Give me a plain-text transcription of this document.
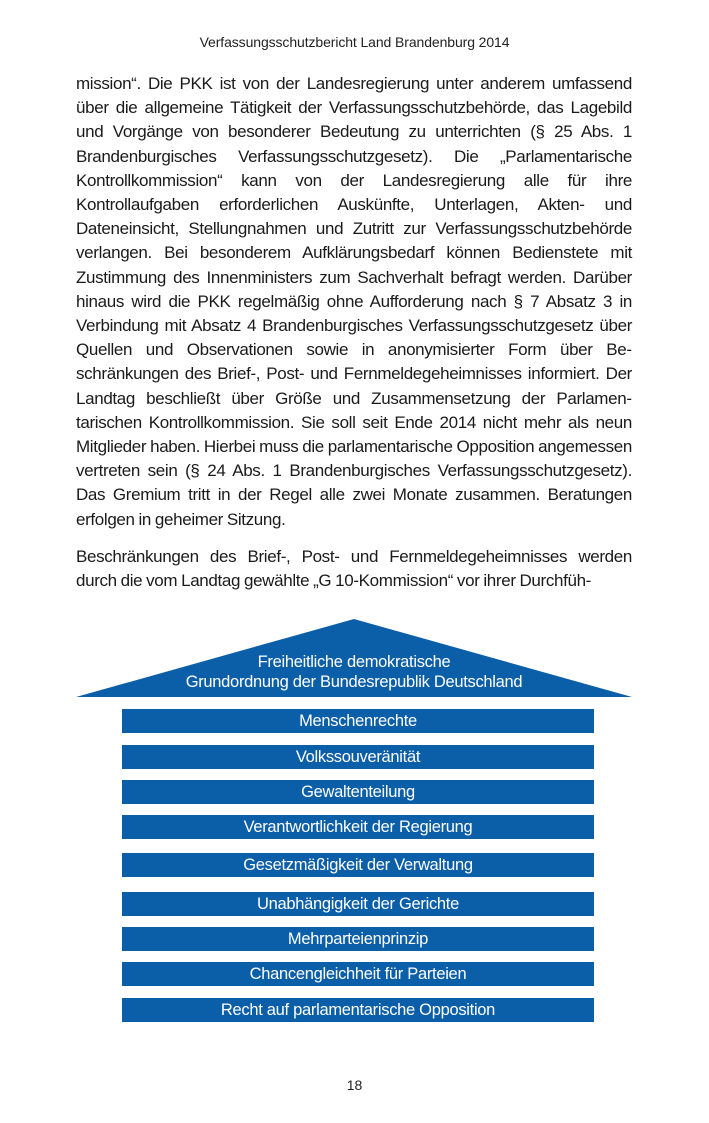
Verfassungsschutzbericht Land Brandenburg 2014

mission“. Die PKK ist von der Landesregierung unter anderem umfassend über die allgemeine Tätigkeit der Verfassungsschutzbehörde, das Lagebild und Vorgänge von besonderer Bedeutung zu unterrichten (§ 25 Abs. 1 Brandenburgisches Verfassungsschutzgesetz). Die „Parlamentarische Kontrollkommission“ kann von der Landesregierung alle für ihre Kontrollaufgaben erforderlichen Auskünfte, Unterlagen, Akten- und Dateneinsicht, Stellungnahmen und Zutritt zur Verfassungsschutzbehörde verlangen. Bei besonderem Aufklärungsbedarf können Bedienstete mit Zustimmung des Innenministers zum Sachverhalt befragt werden. Darüber hinaus wird die PKK regelmäßig ohne Aufforderung nach § 7 Absatz 3 in Verbindung mit Absatz 4 Brandenburgisches Verfassungsschutzgesetz über Quellen und Observationen sowie in anonymisierter Form über Beschränkungen des Brief-, Post- und Fernmeldegeheimnisses informiert. Der Landtag beschließt über Größe und Zusammensetzung der Parlamentarischen Kontrollkommission. Sie soll seit Ende 2014 nicht mehr als neun Mitglieder haben. Hierbei muss die parlamentarische Opposition angemessen vertreten sein (§ 24 Abs. 1 Brandenburgisches Verfassungsschutzgesetz). Das Gremium tritt in der Regel alle zwei Monate zusammen. Beratungen erfolgen in geheimer Sitzung.

Beschränkungen des Brief-, Post- und Fernmeldegeheimnisses werden durch die vom Landtag gewählte „G 10-Kommission“ vor ihrer Durchfüh-

Freiheitliche demokratische
Grundordnung der Bundesrepublik Deutschland
Menschenrechte
Volkssouveränität
Gewaltenteilung
Verantwortlichkeit der Regierung
Gesetzmäßigkeit der Verwaltung
Unabhängigkeit der Gerichte
Mehrparteienprinzip
Chancengleichheit für Parteien
Recht auf parlamentarische Opposition
18
